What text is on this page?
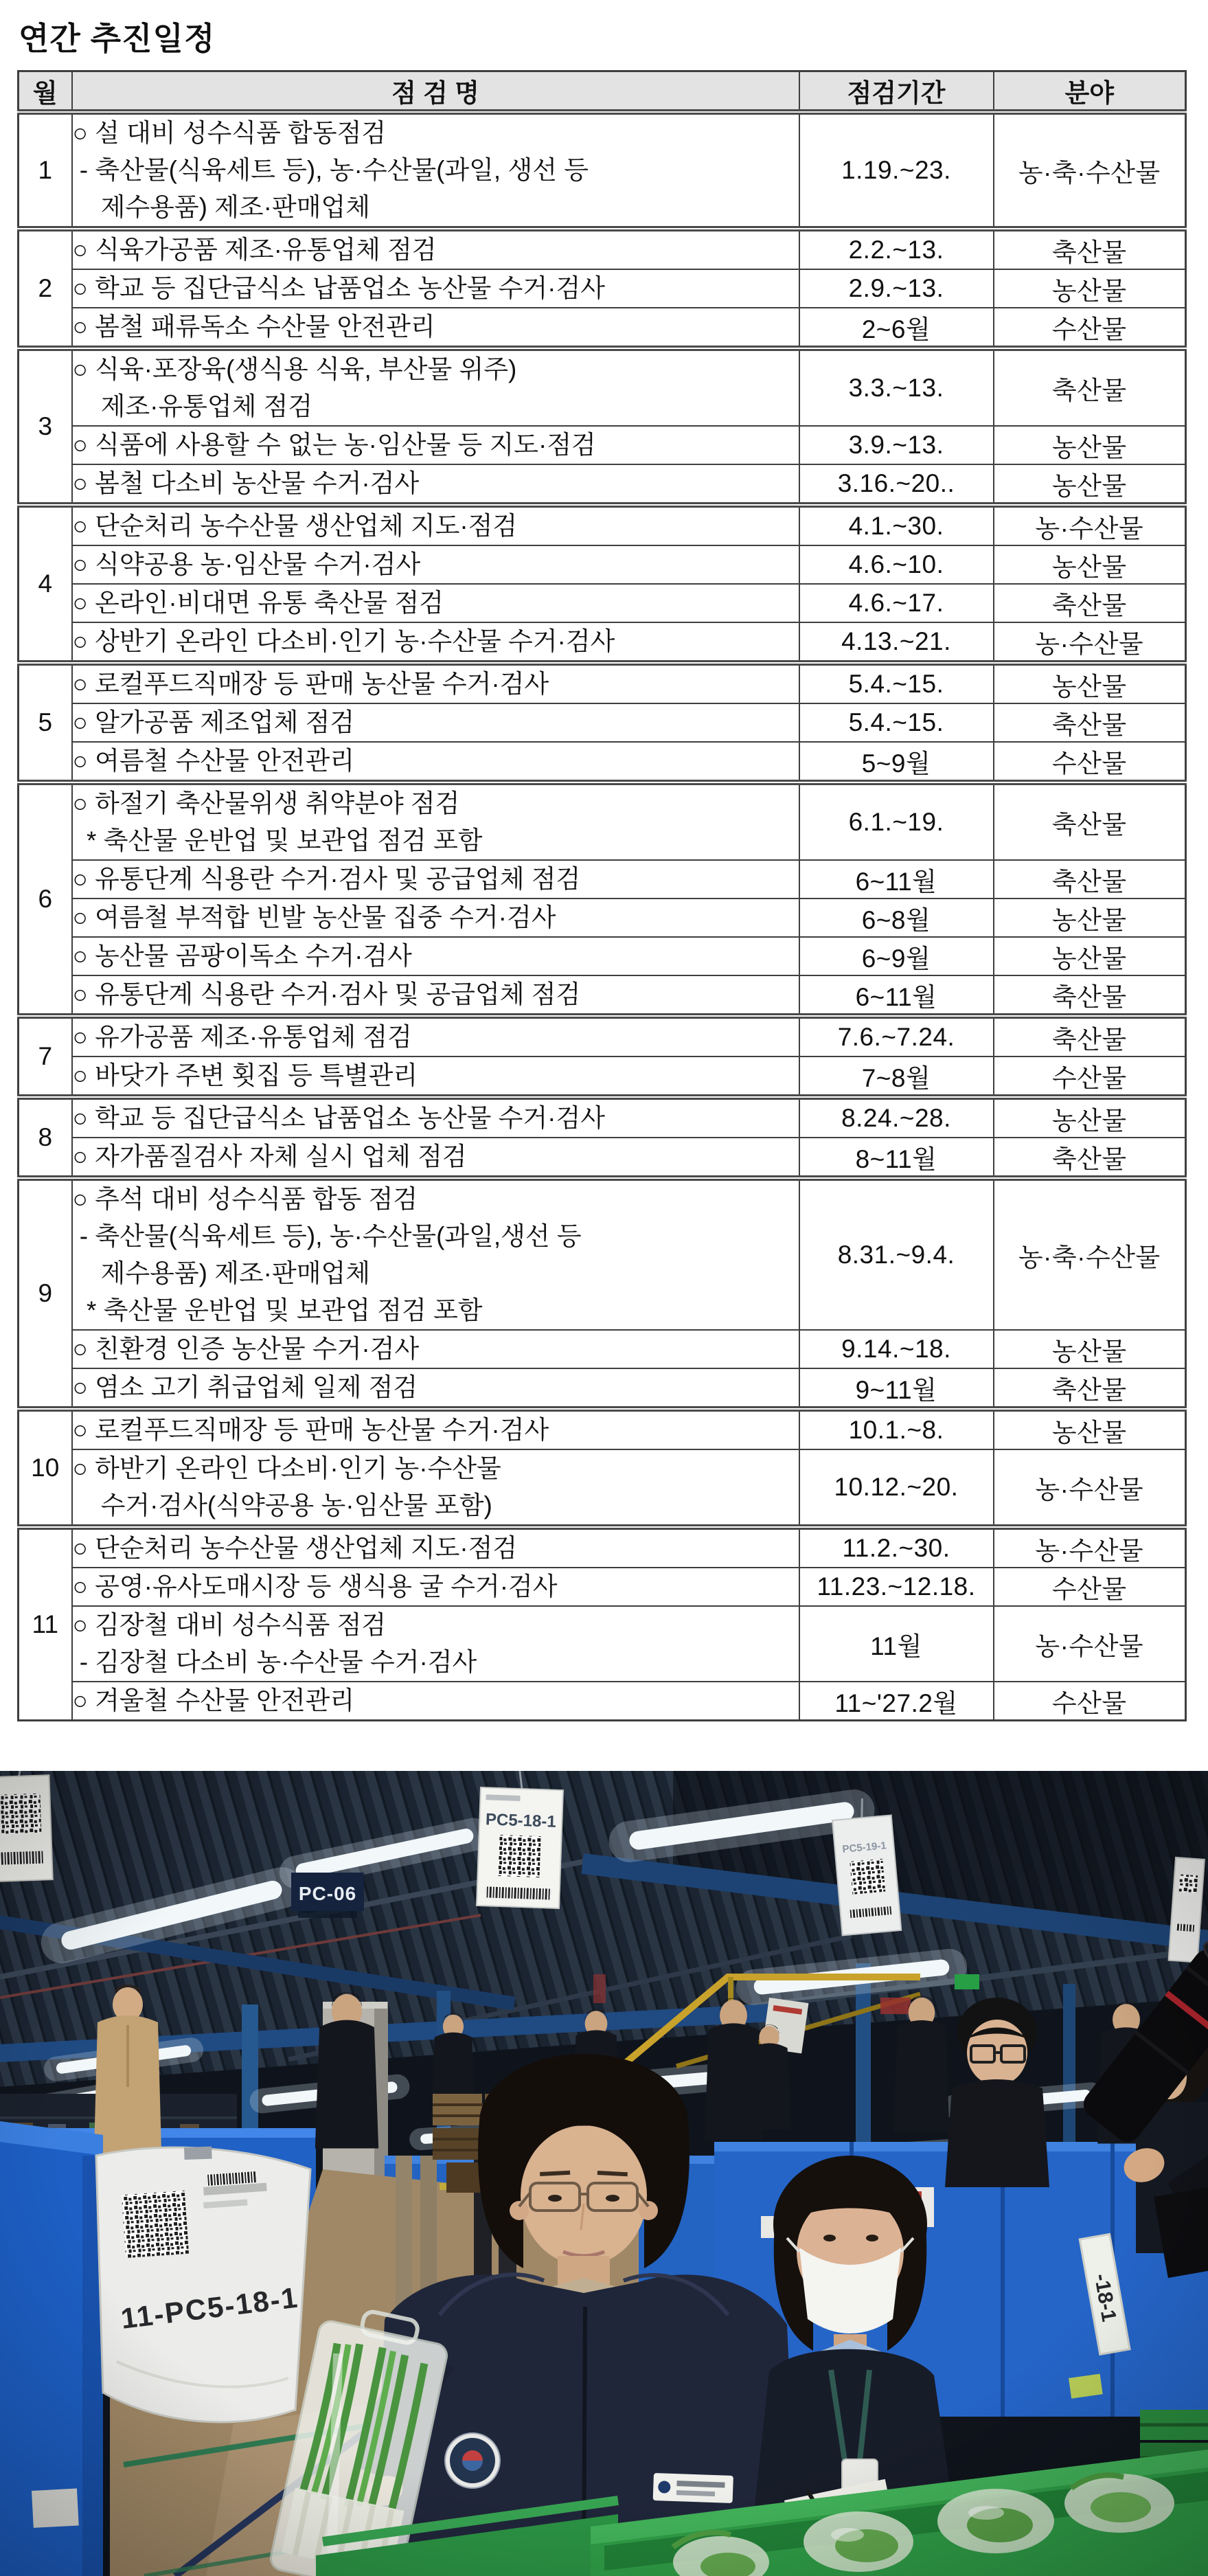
연간 추진일정
월	점 검 명	점검기간	분야
1	○ 설 대비 성수식품 합동점검
- 축산물(식육세트 등), 농·수산물(과일, 생선 등
제수용품) 제조·판매업체	1.19.~23.	농·축·수산물
2	○ 식육가공품 제조·유통업체 점검	2.2.~13.	축산물

	○ 학교 등 집단급식소 납품업소 농산물 수거·검사	2.9.~13.	농산물

	○ 봄철 패류독소 수산물 안전관리	2~6월	수산물
3	○ 식육·포장육(생식용 식육, 부산물 위주)
제조·유통업체 점검	3.3.~13.	축산물

	○ 식품에 사용할 수 없는 농·임산물 등 지도·점검	3.9.~13.	농산물

	○ 봄철 다소비 농산물 수거·검사	3.16.~20..	농산물
4	○ 단순처리 농수산물 생산업체 지도·점검	4.1.~30.	농·수산물

	○ 식약공용 농·임산물 수거·검사	4.6.~10.	농산물

	○ 온라인·비대면 유통 축산물 점검	4.6.~17.	축산물

	○ 상반기 온라인 다소비·인기 농·수산물 수거·검사	4.13.~21.	농·수산물
5	○ 로컬푸드직매장 등 판매 농산물 수거·검사	5.4.~15.	농산물

	○ 알가공품 제조업체 점검	5.4.~15.	축산물

	○ 여름철 수산물 안전관리	5~9월	수산물
6	○ 하절기 축산물위생 취약분야 점검
* 축산물 운반업 및 보관업 점검 포함	6.1.~19.	축산물

	○ 유통단계 식용란 수거·검사 및 공급업체 점검	6~11월	축산물

	○ 여름철 부적합 빈발 농산물 집중 수거·검사	6~8월	농산물

	○ 농산물 곰팡이독소 수거·검사	6~9월	농산물

	○ 유통단계 식용란 수거·검사 및 공급업체 점검	6~11월	축산물
7	○ 유가공품 제조·유통업체 점검	7.6.~7.24.	축산물

	○ 바닷가 주변 횟집 등 특별관리	7~8월	수산물
8	○ 학교 등 집단급식소 납품업소 농산물 수거·검사	8.24.~28.	농산물

	○ 자가품질검사 자체 실시 업체 점검	8~11월	축산물
9	○ 추석 대비 성수식품 합동 점검
- 축산물(식육세트 등), 농·수산물(과일,생선 등
제수용품) 제조·판매업체
* 축산물 운반업 및 보관업 점검 포함	8.31.~9.4.	농·축·수산물

	○ 친환경 인증 농산물 수거·검사	9.14.~18.	농산물

	○ 염소 고기 취급업체 일제 점검	9~11월	축산물
10	○ 로컬푸드직매장 등 판매 농산물 수거·검사	10.1.~8.	농산물

	○ 하반기 온라인 다소비·인기 농·수산물
수거·검사(식약공용 농·임산물 포함)	10.12.~20.	농·수산물
11	○ 단순처리 농수산물 생산업체 지도·점검	11.2.~30.	농·수산물

	○ 공영·유사도매시장 등 생식용 굴 수거·검사	11.23.~12.18.	수산물

	○ 김장철 대비 성수식품 점검
- 김장철 다소비 농·수산물 수거·검사	11월	농·수산물

	○ 겨울철 수산물 안전관리	11~'27.2월	수산물
